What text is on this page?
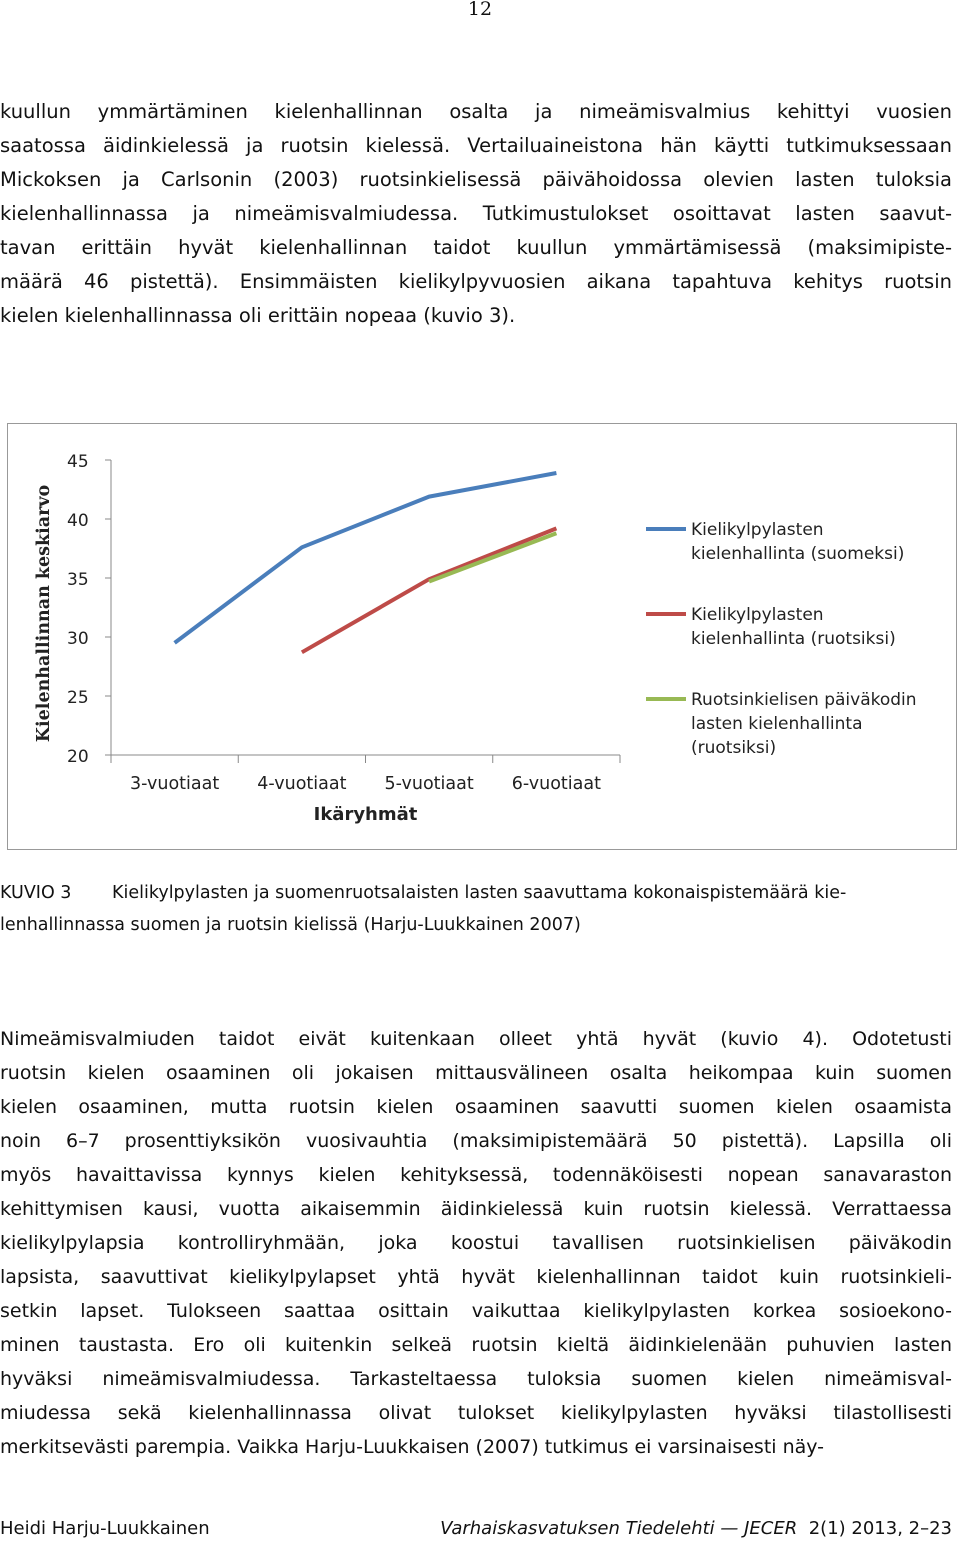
12
kuullun ymmärtäminen kielenhallinnan osalta ja nimeämisvalmius kehittyi vuosien
saatossa äidinkielessä ja ruotsin kielessä. Vertailuaineistona hän käytti tutkimuksessaan
Mickoksen ja Carlsonin (2003) ruotsinkielisessä päivähoidossa olevien lasten tuloksia
kielenhallinnassa ja nimeämisvalmiudessa. Tutkimustulokset osoittavat lasten saavut-
tavan erittäin hyvät kielenhallinnan taidot kuullun ymmärtämisessä (maksimipiste-
määrä 46 pistettä). Ensimmäisten kielikylpyvuosien aikana tapahtuva kehitys ruotsin
kielen kielenhallinnassa oli erittäin nopeaa (kuvio 3).
20
25
30
35
40
45
3-vuotiaat 4-vuotiaat 5-vuotiaat 6-vuotiaat
Ikäryhmät
Kielenhallinnan keskiarvo	Kielikylpylasten
kielenhallinta (suomeksi)
Kielikylpylasten
kielenhallinta (ruotsiksi)
Ruotsinkielisen päiväkodin
lasten kielenhallinta
(ruotsiksi)
KUVIO 3 Kielikylpylasten ja suomenruotsalaisten lasten saavuttama kokonaispistemäärä kie-
lenhallinnassa suomen ja ruotsin kielissä (Harju-Luukkainen 2007)
Nimeämisvalmiuden taidot eivät kuitenkaan olleet yhtä hyvät (kuvio 4). Odotetusti
ruotsin kielen osaaminen oli jokaisen mittausvälineen osalta heikompaa kuin suomen
kielen osaaminen, mutta ruotsin kielen osaaminen saavutti suomen kielen osaamista
noin 6–7 prosenttiyksikön vuosivauhtia (maksimipistemäärä 50 pistettä). Lapsilla oli
myös havaittavissa kynnys kielen kehityksessä, todennäköisesti nopean sanavaraston
kehittymisen kausi, vuotta aikaisemmin äidinkielessä kuin ruotsin kielessä. Verrattaessa
kielikylpylapsia kontrolliryhmään, joka koostui tavallisen ruotsinkielisen päiväkodin
lapsista, saavuttivat kielikylpylapset yhtä hyvät kielenhallinnan taidot kuin ruotsinkieli-
setkin lapset. Tulokseen saattaa osittain vaikuttaa kielikylpylasten korkea sosioekono-
minen taustasta. Ero oli kuitenkin selkeä ruotsin kieltä äidinkielenään puhuvien lasten
hyväksi nimeämisvalmiudessa. Tarkasteltaessa tuloksia suomen kielen nimeämisval-
miudessa sekä kielenhallinnassa olivat tulokset kielikylpylasten hyväksi tilastollisesti
merkitsevästi parempia. Vaikka Harju-Luukkaisen (2007) tutkimus ei varsinaisesti näy-
Heidi Harju-Luukkainen	Varhaiskasvatuksen Tiedelehti — JECER 2(1) 2013, 2–23
